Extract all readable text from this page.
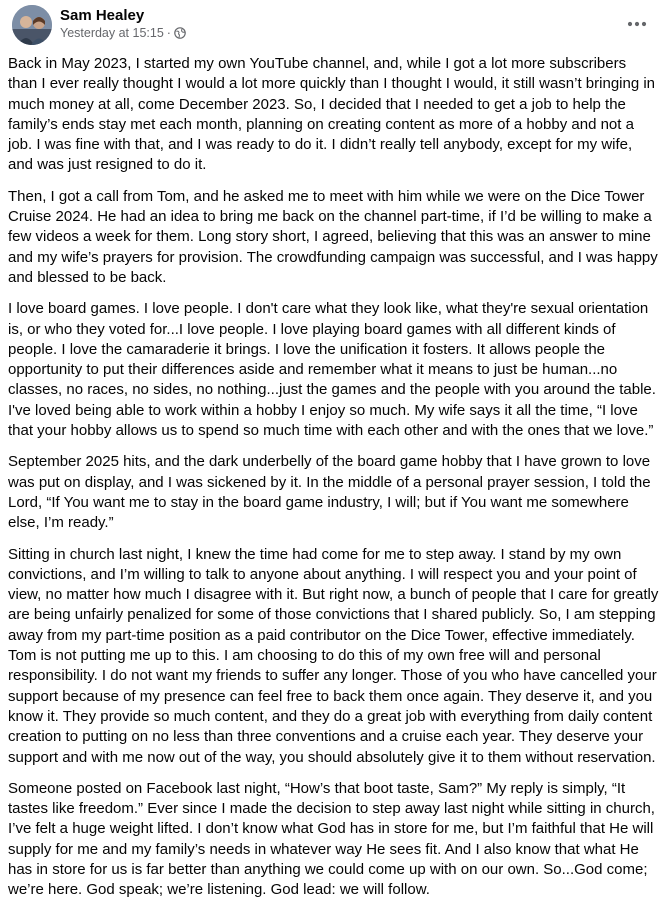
Sam Healey
Yesterday at 15:15 ·

Back in May 2023, I started my own YouTube channel, and, while I got a lot more subscribers than I ever really thought I would a lot more quickly than I thought I would, it still wasn’t bringing in much money at all, come December 2023. So, I decided that I needed to get a job to help the family’s ends stay met each month, planning on creating content as more of a hobby and not a job. I was fine with that, and I was ready to do it. I didn’t really tell anybody, except for my wife, and was just resigned to do it.

Then, I got a call from Tom, and he asked me to meet with him while we were on the Dice Tower Cruise 2024. He had an idea to bring me back on the channel part-time, if I’d be willing to make a few videos a week for them. Long story short, I agreed, believing that this was an answer to mine and my wife’s prayers for provision. The crowdfunding campaign was successful, and I was happy and blessed to be back.

I love board games. I love people. I don't care what they look like, what they're sexual orientation is, or who they voted for...I love people. I love playing board games with all different kinds of people. I love the camaraderie it brings. I love the unification it fosters. It allows people the opportunity to put their differences aside and remember what it means to just be human...no classes, no races, no sides, no nothing...just the games and the people with you around the table. I've loved being able to work within a hobby I enjoy so much. My wife says it all the time, “I love that your hobby allows us to spend so much time with each other and with the ones that we love.”

September 2025 hits, and the dark underbelly of the board game hobby that I have grown to love was put on display, and I was sickened by it. In the middle of a personal prayer session, I told the Lord, “If You want me to stay in the board game industry, I will; but if You want me somewhere else, I’m ready.”

Sitting in church last night, I knew the time had come for me to step away. I stand by my own convictions, and I’m willing to talk to anyone about anything. I will respect you and your point of view, no matter how much I disagree with it. But right now, a bunch of people that I care for greatly are being unfairly penalized for some of those convictions that I shared publicly. So, I am stepping away from my part-time position as a paid contributor on the Dice Tower, effective immediately. Tom is not putting me up to this. I am choosing to do this of my own free will and personal responsibility. I do not want my friends to suffer any longer. Those of you who have cancelled your support because of my presence can feel free to back them once again. They deserve it, and you know it. They provide so much content, and they do a great job with everything from daily content creation to putting on no less than three conventions and a cruise each year. They deserve your support and with me now out of the way, you should absolutely give it to them without reservation.

Someone posted on Facebook last night, “How’s that boot taste, Sam?” My reply is simply, “It tastes like freedom.” Ever since I made the decision to step away last night while sitting in church, I’ve felt a huge weight lifted. I don’t know what God has in store for me, but I’m faithful that He will supply for me and my family’s needs in whatever way He sees fit. And I also know that what He has in store for us is far better than anything we could come up with on our own. So...God come; we’re here. God speak; we’re listening. God lead: we will follow.
